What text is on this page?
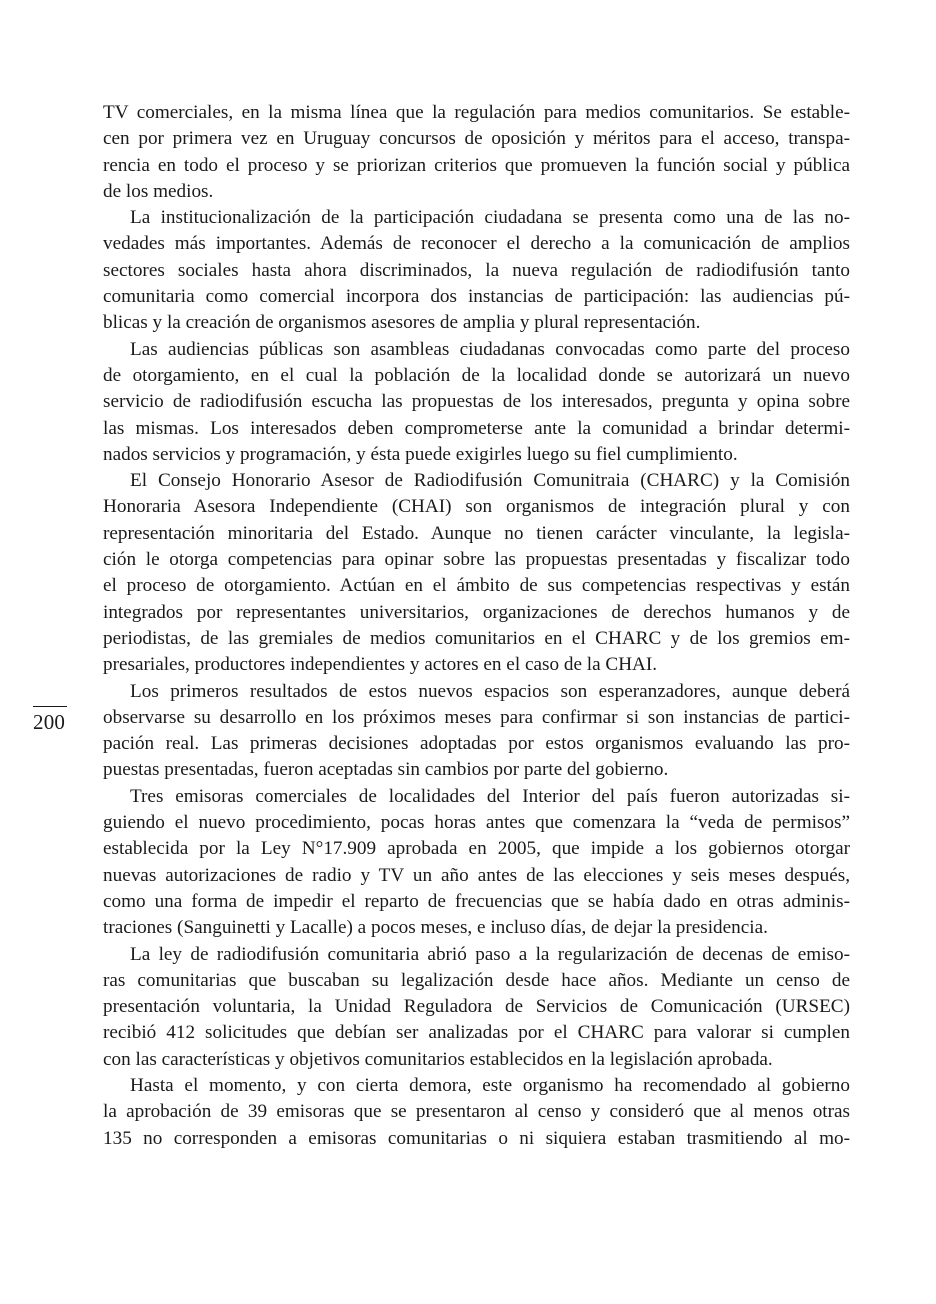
200
TV comerciales, en la misma línea que la regulación para medios comunitarios. Se estable-
cen por primera vez en Uruguay concursos de oposición y méritos para el acceso, transpa-
rencia en todo el proceso y se priorizan criterios que promueven la función social y pública
de los medios.
La institucionalización de la participación ciudadana se presenta como una de las no-
vedades más importantes. Además de reconocer el derecho a la comunicación de amplios
sectores sociales hasta ahora discriminados, la nueva regulación de radiodifusión tanto
comunitaria como comercial incorpora dos instancias de participación: las audiencias pú-
blicas y la creación de organismos asesores de amplia y plural representación.
Las audiencias públicas son asambleas ciudadanas convocadas como parte del proceso
de otorgamiento, en el cual la población de la localidad donde se autorizará un nuevo
servicio de radiodifusión escucha las propuestas de los interesados, pregunta y opina sobre
las mismas. Los interesados deben comprometerse ante la comunidad a brindar determi-
nados servicios y programación, y ésta puede exigirles luego su fiel cumplimiento.
El Consejo Honorario Asesor de Radiodifusión Comunitraia (CHARC) y la Comisión
Honoraria Asesora Independiente (CHAI) son organismos de integración plural y con
representación minoritaria del Estado. Aunque no tienen carácter vinculante, la legisla-
ción le otorga competencias para opinar sobre las propuestas presentadas y fiscalizar todo
el proceso de otorgamiento. Actúan en el ámbito de sus competencias respectivas y están
integrados por representantes universitarios, organizaciones de derechos humanos y de
periodistas, de las gremiales de medios comunitarios en el CHARC y de los gremios em-
presariales, productores independientes y actores en el caso de la CHAI.
Los primeros resultados de estos nuevos espacios son esperanzadores, aunque deberá
observarse su desarrollo en los próximos meses para confirmar si son instancias de partici-
pación real. Las primeras decisiones adoptadas por estos organismos evaluando las pro-
puestas presentadas, fueron aceptadas sin cambios por parte del gobierno.
Tres emisoras comerciales de localidades del Interior del país fueron autorizadas si-
guiendo el nuevo procedimiento, pocas horas antes que comenzara la “veda de permisos”
establecida por la Ley N°17.909 aprobada en 2005, que impide a los gobiernos otorgar
nuevas autorizaciones de radio y TV un año antes de las elecciones y seis meses después,
como una forma de impedir el reparto de frecuencias que se había dado en otras adminis-
traciones (Sanguinetti y Lacalle) a pocos meses, e incluso días, de dejar la presidencia.
La ley de radiodifusión comunitaria abrió paso a la regularización de decenas de emiso-
ras comunitarias que buscaban su legalización desde hace años. Mediante un censo de
presentación voluntaria, la Unidad Reguladora de Servicios de Comunicación (URSEC)
recibió 412 solicitudes que debían ser analizadas por el CHARC para valorar si cumplen
con las características y objetivos comunitarios establecidos en la legislación aprobada.
Hasta el momento, y con cierta demora, este organismo ha recomendado al gobierno
la aprobación de 39 emisoras que se presentaron al censo y consideró que al menos otras
135 no corresponden a emisoras comunitarias o ni siquiera estaban trasmitiendo al mo-
